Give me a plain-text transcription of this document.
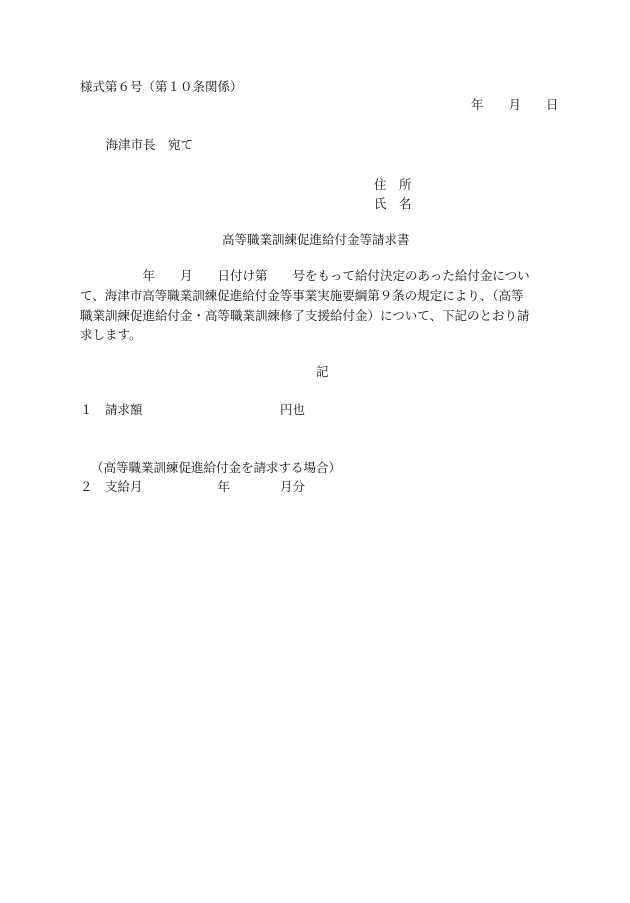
様式第６号（第１０条関係）
年　　月　　日
　海津市長　宛て
住　所
氏　名
高等職業訓練促進給付金等請求書
　　　　　年　　月　　日付け第　　号をもって給付決定のあった給付金につい
て、海津市高等職業訓練促進給付金等事業実施要綱第９条の規定により、（高等
職業訓練促進給付金・高等職業訓練修了支援給付金）について、下記のとおり請
求します。
記
１　請求額　　　　　　　　　　　円也
（高等職業訓練促進給付金を請求する場合）
２　支給月　　　　　　年　　　　月分
